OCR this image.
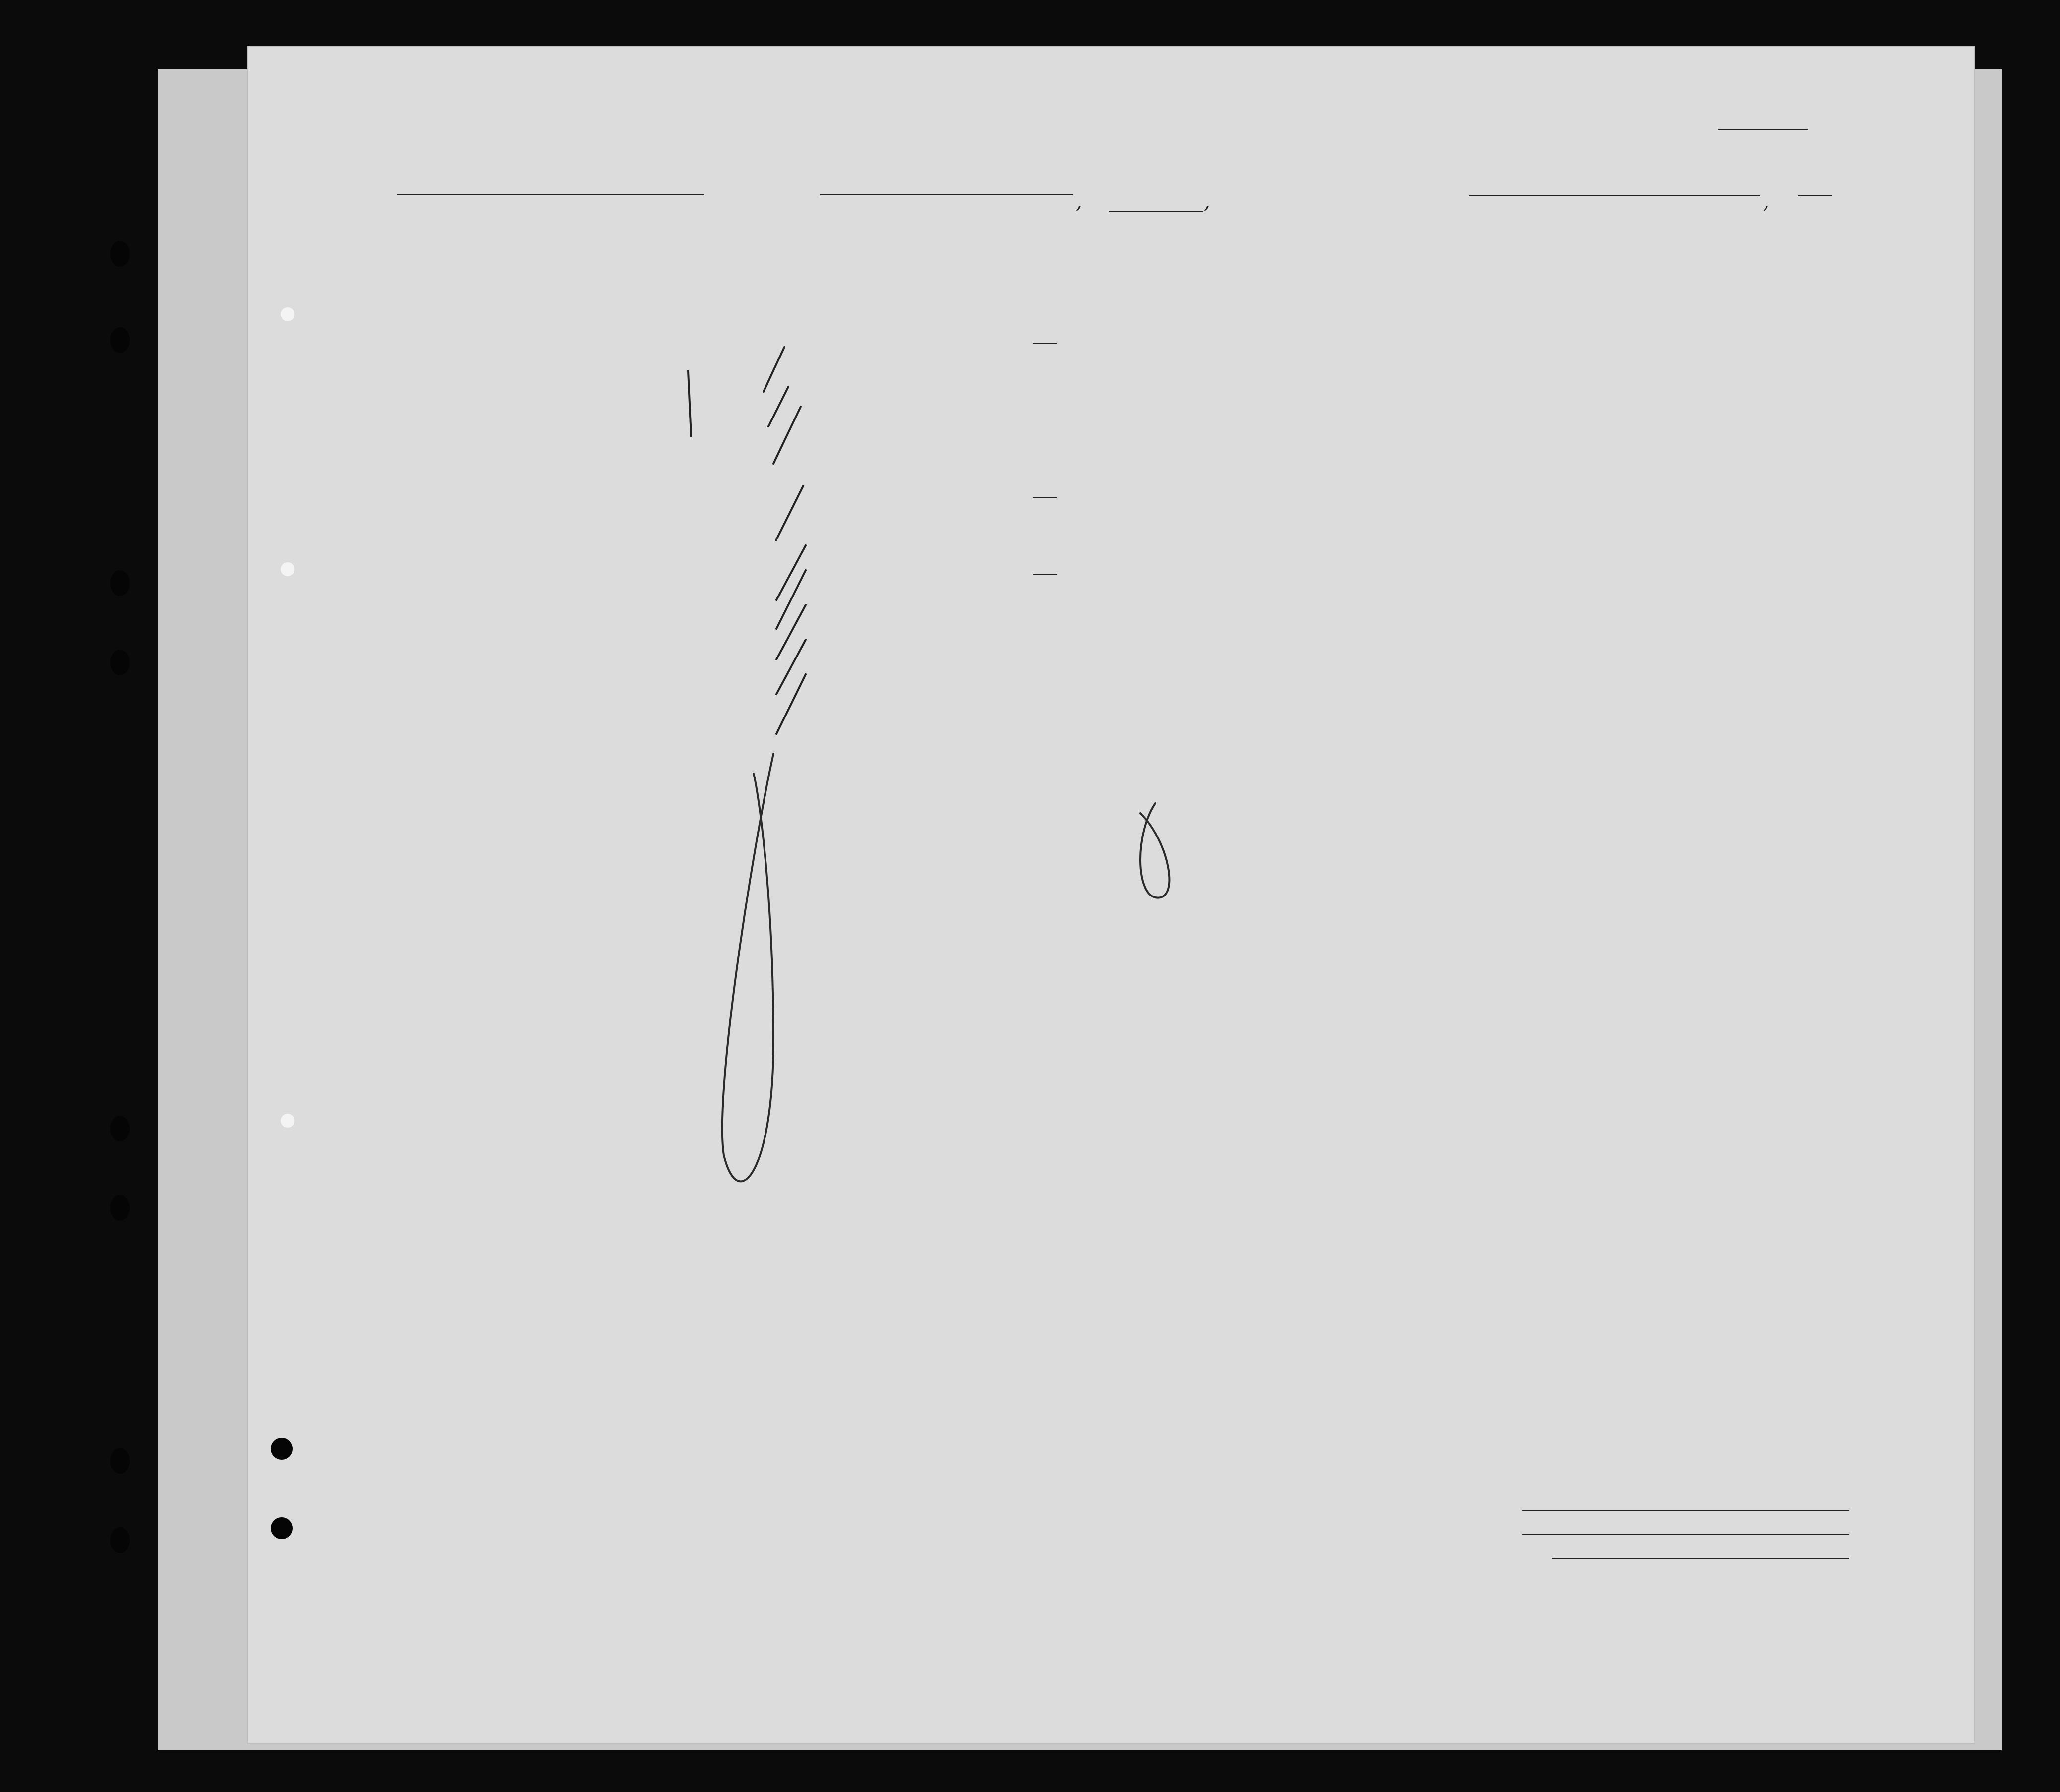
,	,	,
